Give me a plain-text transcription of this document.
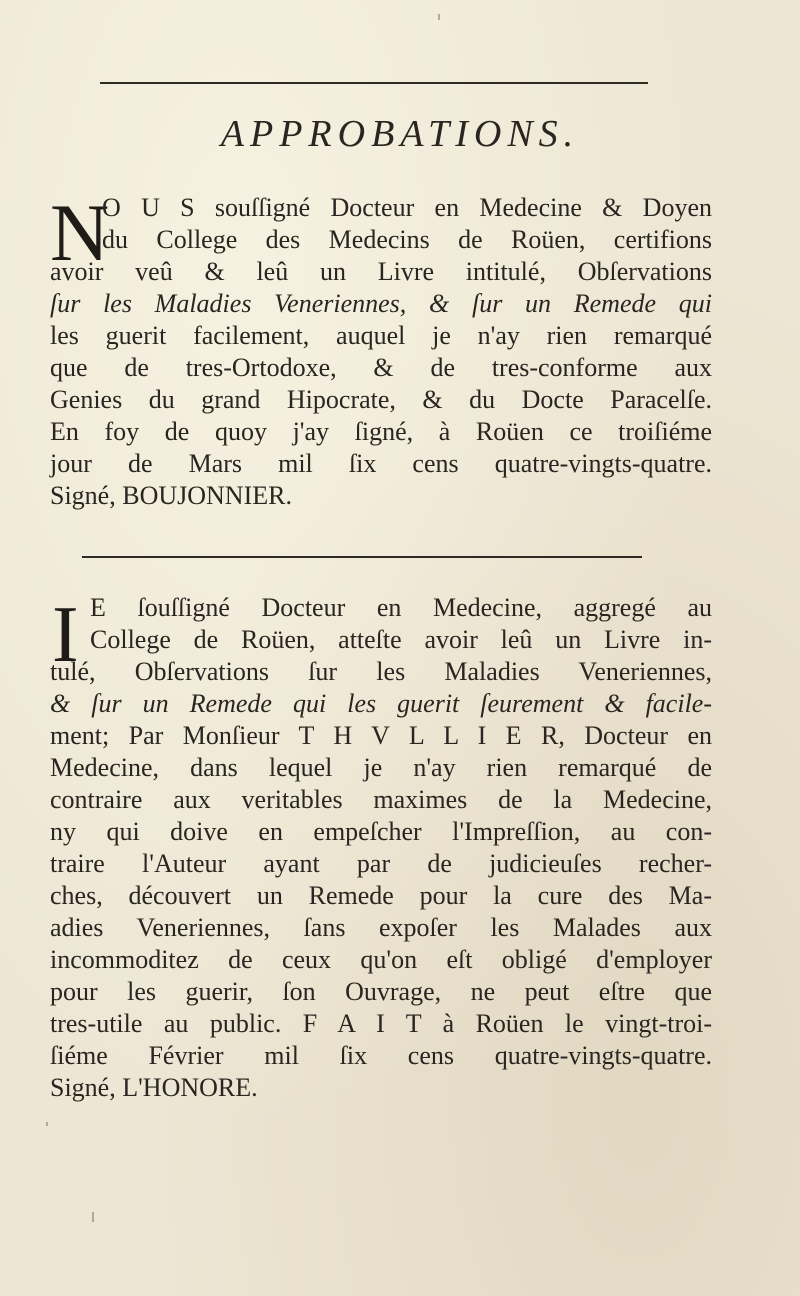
APPROBATIONS.
N
O U S souſſigné Docteur en Medecine & Doyen
du College des Medecins de Roüen, certifions
avoir veû & leû un Livre intitulé, Obſervations
ſur les Maladies Veneriennes, & ſur un Remede qui
les guerit facilement, auquel je n'ay rien remarqué
que de tres-Ortodoxe, & de tres-conforme aux
Genies du grand Hipocrate, & du Docte Paracelſe.
En foy de quoy j'ay ſigné, à Roüen ce troiſiéme
jour de Mars mil ſix cens quatre-vingts-quatre.
Signé, BOUJONNIER.
I E ſouſſigné Docteur en Medecine, aggregé au
College de Roüen, atteſte avoir leû un Livre in-
tulé, Obſervations ſur les Maladies Veneriennes,
& ſur un Remede qui les guerit ſeurement & facile-
ment; Par Monſieur T H V L L I E R, Docteur en
Medecine, dans lequel je n'ay rien remarqué de
contraire aux veritables maximes de la Medecine,
ny qui doive en empeſcher l'Impreſſion, au con-
traire l'Auteur ayant par de judicieuſes recher-
ches, découvert un Remede pour la cure des Ma-
adies Veneriennes, ſans expoſer les Malades aux
incommoditez de ceux qu'on eſt obligé d'employer
pour les guerir, ſon Ouvrage, ne peut eſtre que
tres-utile au public. F A I T à Roüen le vingt-troi-
ſiéme Février mil ſix cens quatre-vingts-quatre.
Signé, L'HONORE.
